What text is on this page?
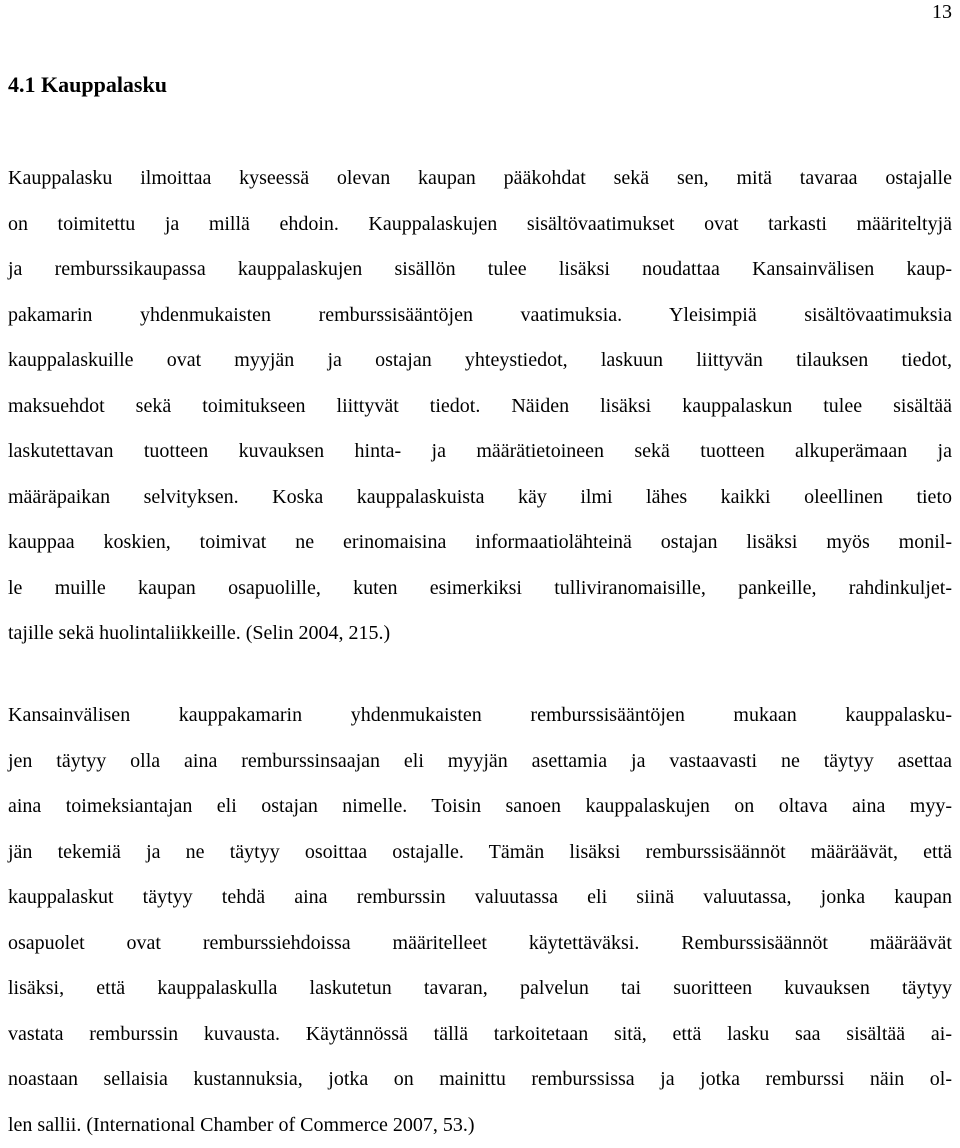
13
4.1 Kauppalasku
Kauppalasku ilmoittaa kyseessä olevan kaupan pääkohdat sekä sen, mitä tavaraa ostajalle
on toimitettu ja millä ehdoin. Kauppalaskujen sisältövaatimukset ovat tarkasti määriteltyjä
ja remburssikaupassa kauppalaskujen sisällön tulee lisäksi noudattaa Kansainvälisen kaup-
pakamarin yhdenmukaisten remburssisääntöjen vaatimuksia. Yleisimpiä sisältövaatimuksia
kauppalaskuille ovat myyjän ja ostajan yhteystiedot, laskuun liittyvän tilauksen tiedot,
maksuehdot sekä toimitukseen liittyvät tiedot. Näiden lisäksi kauppalaskun tulee sisältää
laskutettavan tuotteen kuvauksen hinta- ja määrätietoineen sekä tuotteen alkuperämaan ja
määräpaikan selvityksen. Koska kauppalaskuista käy ilmi lähes kaikki oleellinen tieto
kauppaa koskien, toimivat ne erinomaisina informaatiolähteinä ostajan lisäksi myös monil-
le muille kaupan osapuolille, kuten esimerkiksi tulliviranomaisille, pankeille, rahdinkuljet-
tajille sekä huolintaliikkeille. (Selin 2004, 215.)
Kansainvälisen kauppakamarin yhdenmukaisten remburssisääntöjen mukaan kauppalasku-
jen täytyy olla aina remburssinsaajan eli myyjän asettamia ja vastaavasti ne täytyy asettaa
aina toimeksiantajan eli ostajan nimelle. Toisin sanoen kauppalaskujen on oltava aina myy-
jän tekemiä ja ne täytyy osoittaa ostajalle. Tämän lisäksi remburssisäännöt määräävät, että
kauppalaskut täytyy tehdä aina remburssin valuutassa eli siinä valuutassa, jonka kaupan
osapuolet ovat remburssiehdoissa määritelleet käytettäväksi. Remburssisäännöt määräävät
lisäksi, että kauppalaskulla laskutetun tavaran, palvelun tai suoritteen kuvauksen täytyy
vastata remburssin kuvausta. Käytännössä tällä tarkoitetaan sitä, että lasku saa sisältää ai-
noastaan sellaisia kustannuksia, jotka on mainittu remburssissa ja jotka remburssi näin ol-
len sallii. (International Chamber of Commerce 2007, 53.)
